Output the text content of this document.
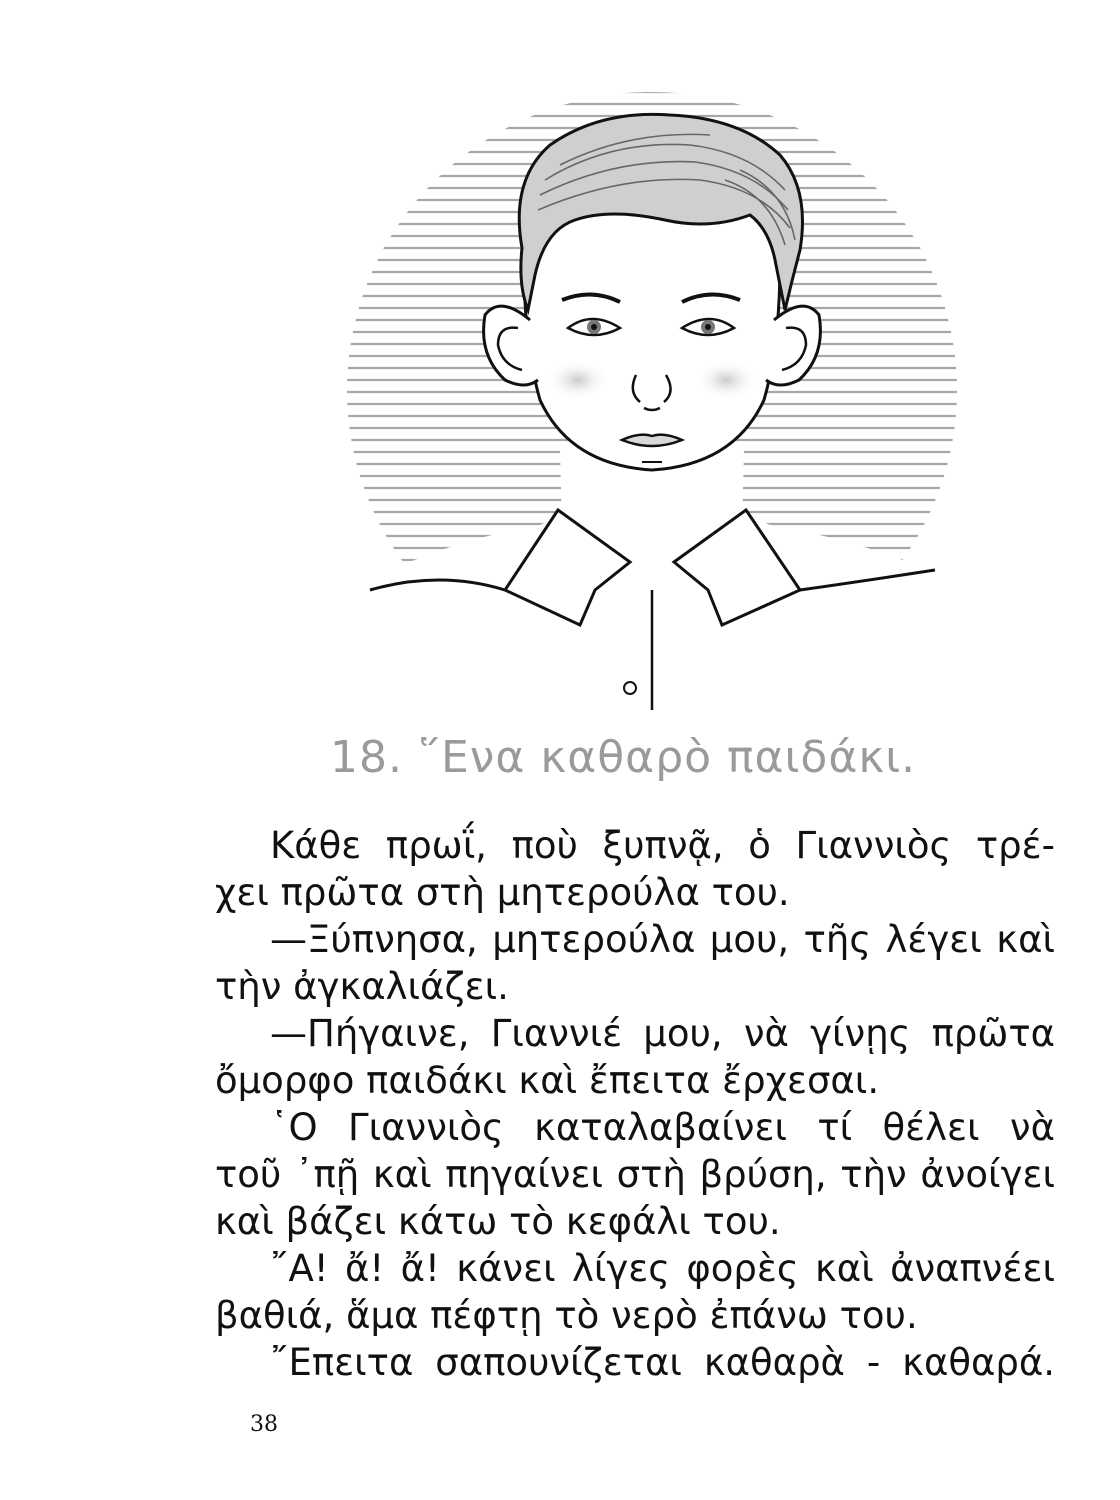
18. ῞Ενα καθαρὸ παιδάκι.
Κάθε πρωΐ, ποὺ ξυπνᾷ, ὁ Γιαννιὸς τρέ-
χει πρῶτα στὴ μητερούλα του.
—Ξύπνησα, μητερούλα μου, τῆς λέγει καὶ
τὴν ἀγκαλιάζει.
—Πήγαινε, Γιαννιέ μου, νὰ γίνῃς πρῶτα
ὄμορφο παιδάκι καὶ ἔπειτα ἔρχεσαι.
῾Ο Γιαννιὸς καταλαβαίνει τί θέλει νὰ
τοῦ ᾿πῇ καὶ πηγαίνει στὴ βρύση, τὴν ἀνοίγει
καὶ βάζει κάτω τὸ κεφάλι του.
῎Α! ἄ! ἄ! κάνει λίγες φορὲς καὶ ἀναπνέει
βαθιά, ἅμα πέφτῃ τὸ νερὸ ἐπάνω του.
῎Επειτα σαπουνίζεται καθαρὰ - καθαρά.
38
